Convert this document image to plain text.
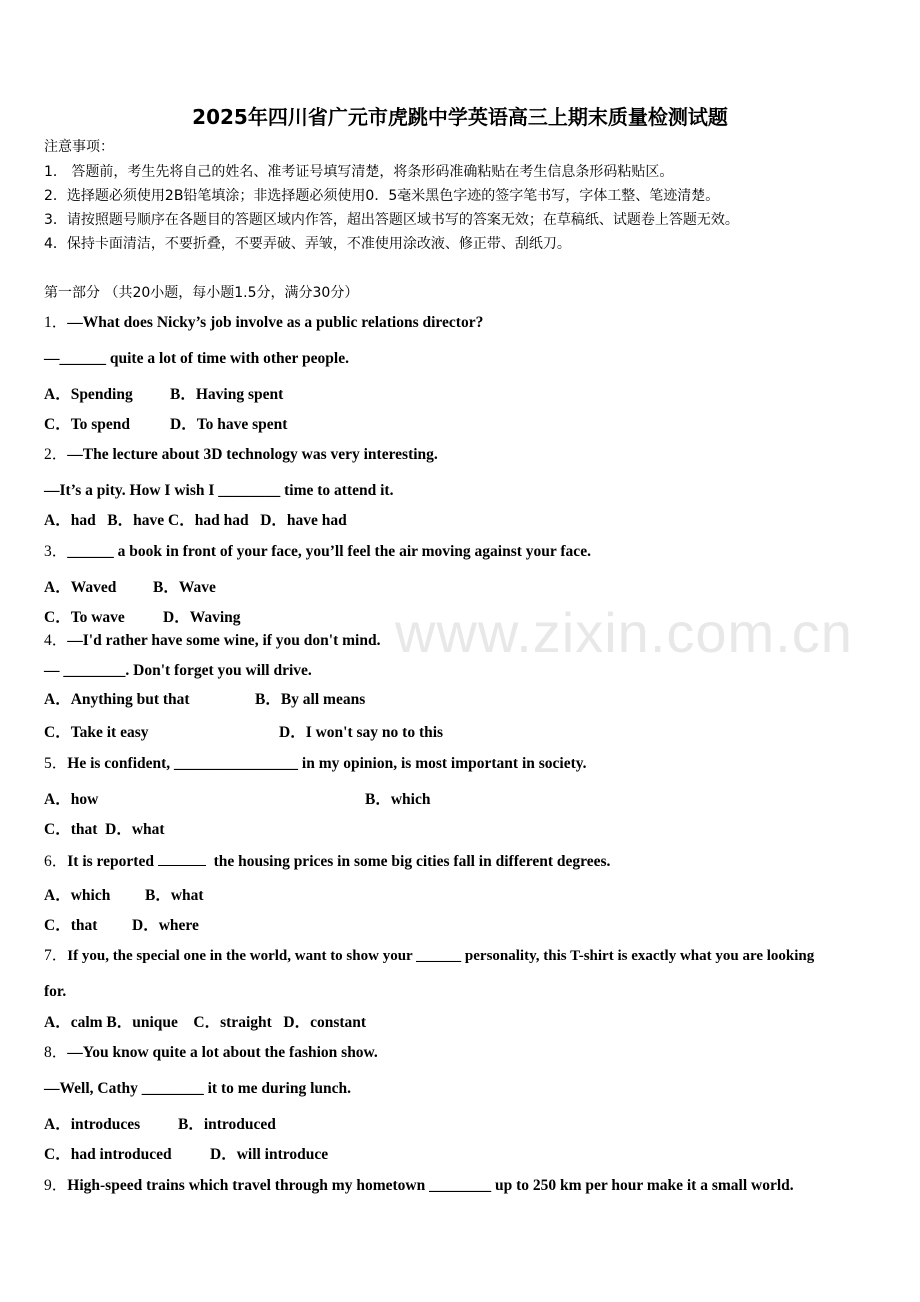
2025年四川省广元市虎跳中学英语高三上期末质量检测试题
注意事项：
1． 答题前，考生先将自己的姓名、准考证号填写清楚，将条形码准确粘贴在考生信息条形码粘贴区。
2．选择题必须使用2B铅笔填涂；非选择题必须使用0．5毫米黑色字迹的签字笔书写，字体工整、笔迹清楚。
3．请按照题号顺序在各题目的答题区域内作答，超出答题区域书写的答案无效；在草稿纸、试题卷上答题无效。
4．保持卡面清洁，不要折叠，不要弄破、弄皱，不准使用涂改液、修正带、刮纸刀。
第一部分 （共20小题，每小题1.5分，满分30分）
1．—What does Nicky’s job involve as a public relations director?
—______ quite a lot of time with other people.
A．Spending B．Having spent
C．To spend	D．To have spent
2．—The lecture about 3D technology was very interesting.
—It’s a pity. How I wish I ________ time to attend it.
A．had   B．have C．had had   D．have had
3．______ a book in front of your face, you’ll feel the air moving against your face.
A．Waved B．Wave
C．To wave D．Waving
4．—I'd rather have some wine, if you don't mind.
— ________. Don't forget you will drive.
A．Anything but that	B．By all means
C．Take it easy	D．I won't say no to this
5．He is confident, ________________ in my opinion, is most important in society.
A．how	B．which
C．that  D．what
6．It is reported	the housing prices in some big cities fall in different degrees.
A．which B．what
C．that D．where
7．If you, the special one in the world, want to show your ______ personality, this T-shirt is exactly what you are looking
for.
A．calm B．unique    C．straight   D．constant
8．—You know quite a lot about the fashion show.
—Well, Cathy ________ it to me during lunch.
A．introduces B．introduced
C．had introduced D．will introduce
9．High-speed trains which travel through my hometown ________ up to 250 km per hour make it a small world.
www.zixin.com.cn
